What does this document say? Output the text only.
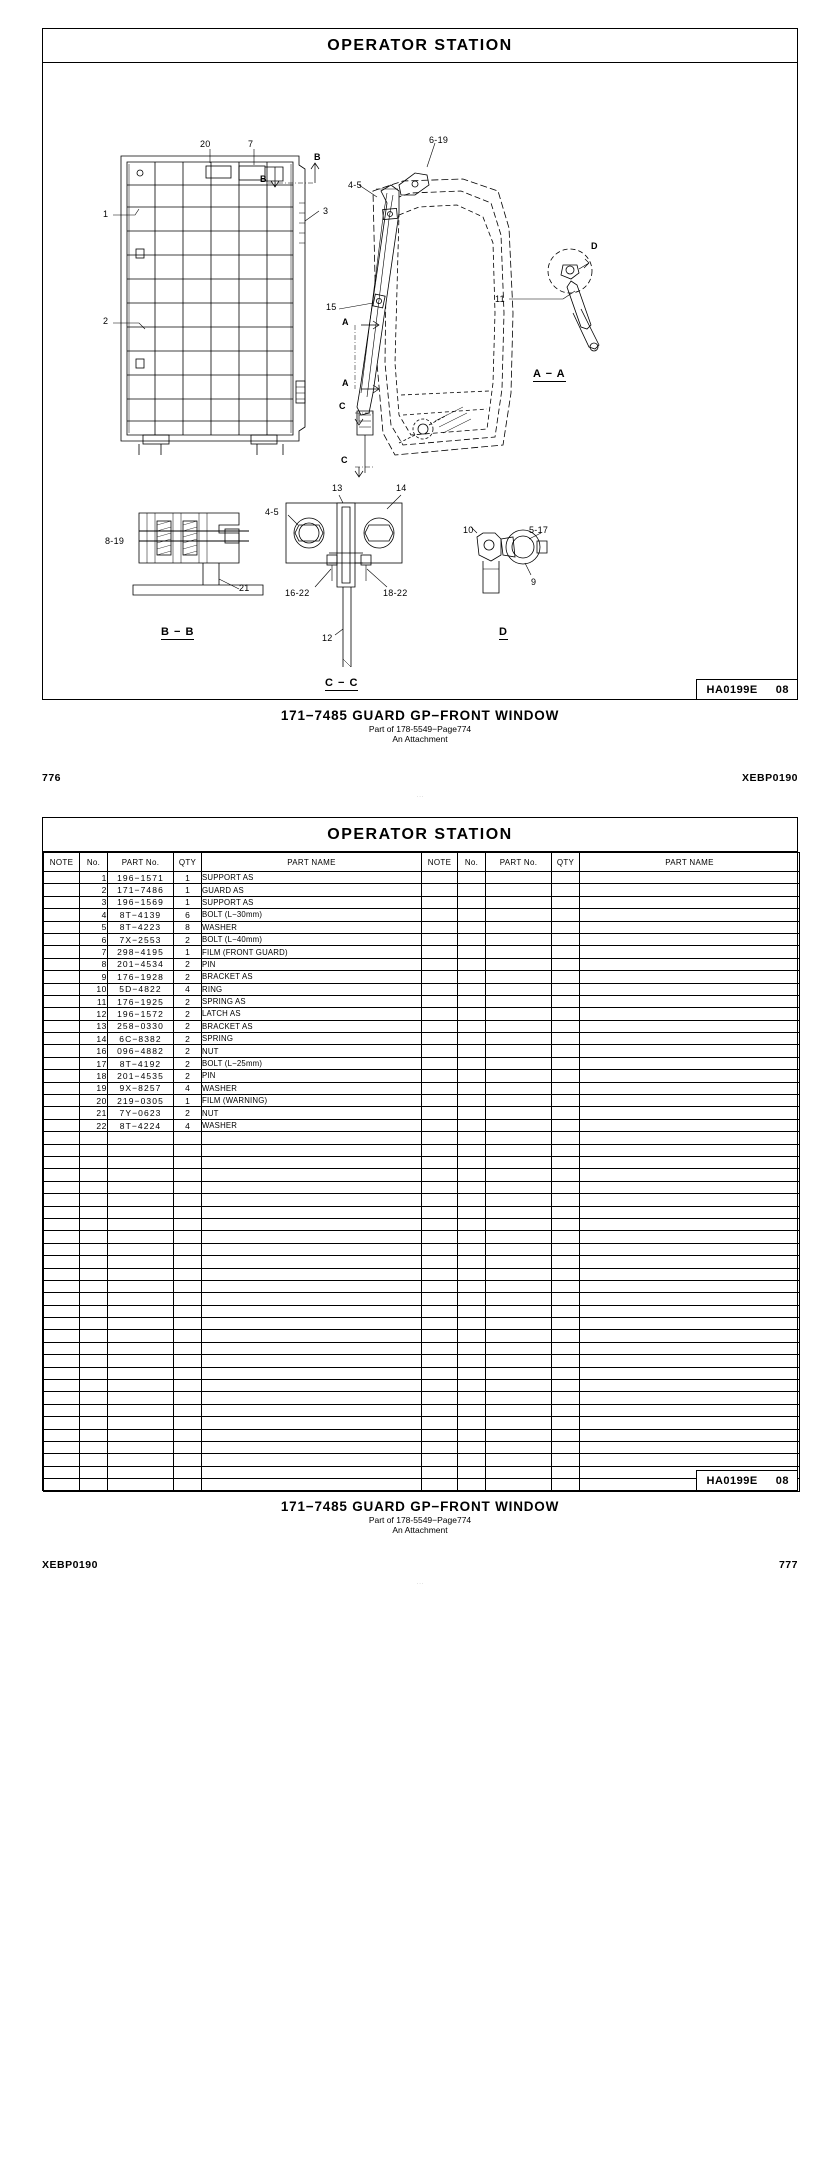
OPERATOR STATION
20	7	6-19
B
B
4-5
3
1
D
11
2
15
A
A
C
C
13	14
4-5
10	5-17
8-19
21	16-22	18-22
9
12
A − A
B − B
C − C
D
HA0199E 08
171−7485 GUARD GP−FRONT WINDOW
Part of 178-5549−Page774
An Attachment
776	XEBP0190
· · ·
OPERATOR STATION
NOTE	No.	PART No.	QTY	PART NAME	NOTE	No.	PART No.	QTY	PART NAME
	1	196−1571	1	SUPPORT AS					
	2	171−7486	1	GUARD AS					
	3	196−1569	1	SUPPORT AS					
	4	8T−4139	6	BOLT (L−30mm)					
	5	8T−4223	8	WASHER					
	6	7X−2553	2	BOLT (L−40mm)					
	7	298−4195	1	FILM (FRONT GUARD)					
	8	201−4534	2	PIN					
	9	176−1928	2	BRACKET AS					
	10	5D−4822	4	RING					
	11	176−1925	2	SPRING AS					
	12	196−1572	2	LATCH AS					
	13	258−0330	2	BRACKET AS					
	14	6C−8382	2	SPRING					
	16	096−4882	2	NUT					
	17	8T−4192	2	BOLT (L−25mm)					
	18	201−4535	2	PIN					
	19	9X−8257	4	WASHER					
	20	219−0305	1	FILM (WARNING)					
	21	7Y−0623	2	NUT					
	22	8T−4224	4	WASHER					

HA0199E 08
171−7485 GUARD GP−FRONT WINDOW
Part of 178-5549−Page774
An Attachment
XEBP0190	777
· · ·
